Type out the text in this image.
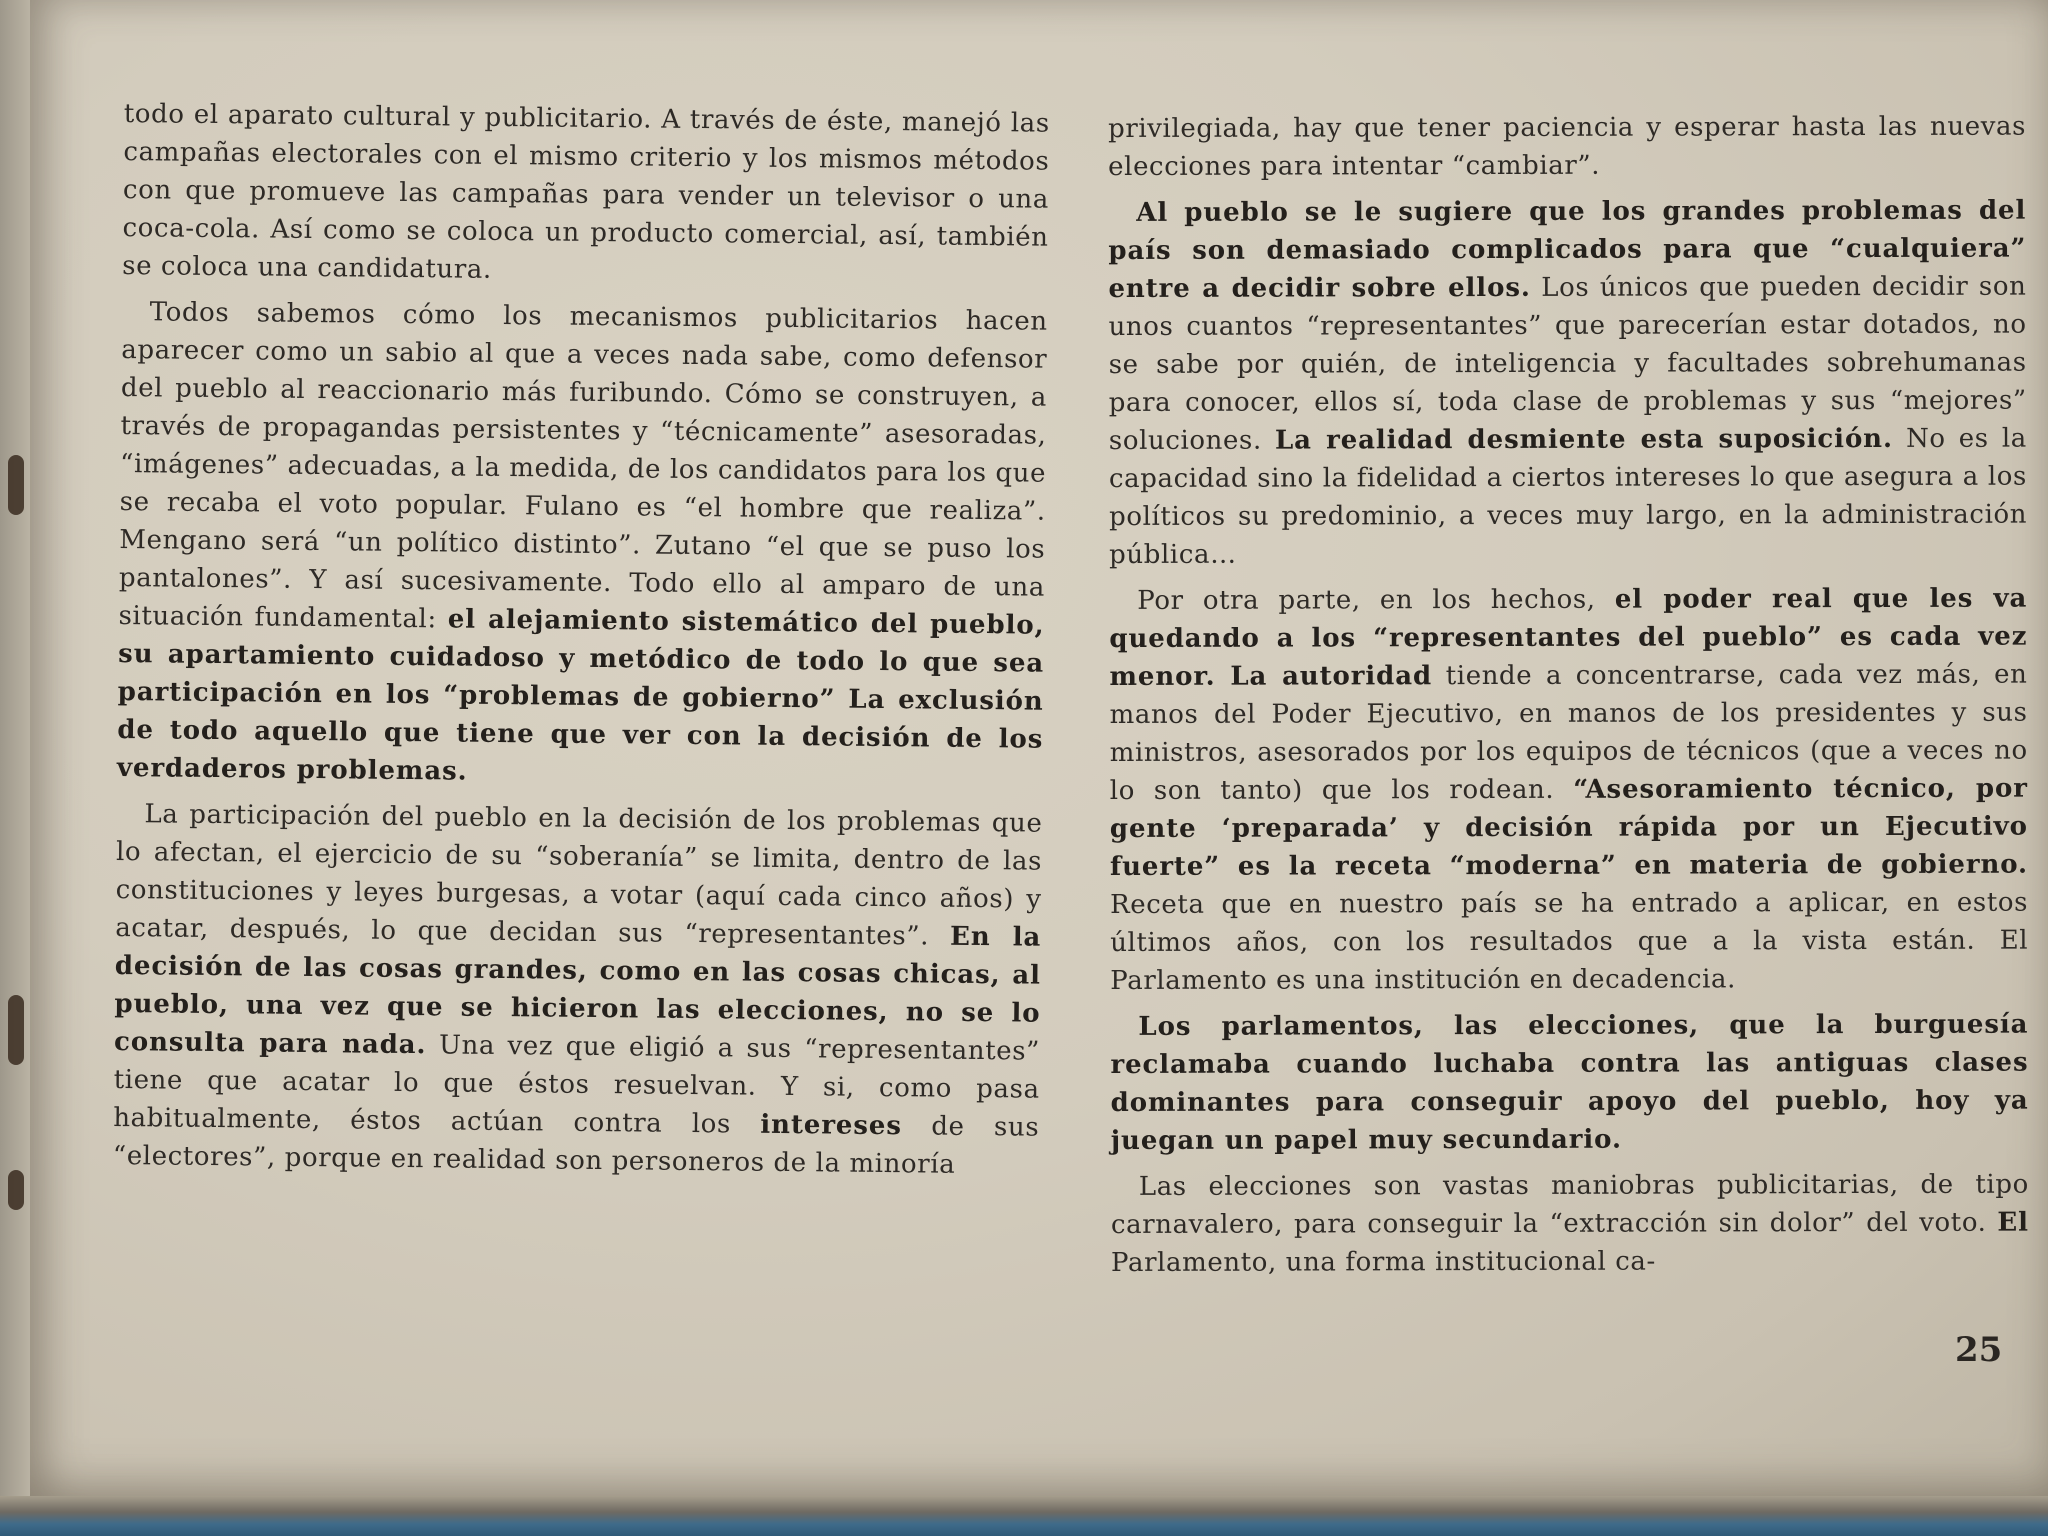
todo el aparato cultural y publicitario. A través de éste, manejó las campañas electorales con el mismo criterio y los mismos métodos con que promueve las campañas para vender un televisor o una coca-cola. Así como se coloca un producto comercial, así, también se coloca una candidatura.

Todos sabemos cómo los mecanismos publicitarios hacen aparecer como un sabio al que a veces nada sabe, como defensor del pueblo al reaccionario más furibundo. Cómo se construyen, a través de propagandas persistentes y “técnicamente” asesoradas, “imágenes” adecuadas, a la medida, de los candidatos para los que se recaba el voto popular. Fulano es “el hombre que realiza”. Mengano será “un político distinto”. Zutano “el que se puso los pantalones”. Y así sucesivamente. Todo ello al amparo de una situación fundamental: el alejamiento sistemático del pueblo, su apartamiento cuidadoso y metódico de todo lo que sea participación en los “problemas de gobierno” La exclusión de todo aquello que tiene que ver con la decisión de los verdaderos problemas.

La participación del pueblo en la decisión de los problemas que lo afectan, el ejercicio de su “soberanía” se limita, dentro de las constituciones y leyes burgesas, a votar (aquí cada cinco años) y acatar, después, lo que decidan sus “representantes”. En la decisión de las cosas grandes, como en las cosas chicas, al pueblo, una vez que se hicieron las elecciones, no se lo consulta para nada. Una vez que eligió a sus “representantes” tiene que acatar lo que éstos resuelvan. Y si, como pasa habitualmente, éstos actúan contra los intereses de sus “electores”, porque en realidad son personeros de la minoría

privilegiada, hay que tener paciencia y esperar hasta las nuevas elecciones para intentar “cambiar”.

Al pueblo se le sugiere que los grandes problemas del país son demasiado complicados para que “cualquiera” entre a decidir sobre ellos. Los únicos que pueden decidir son unos cuantos “representantes” que parecerían estar dotados, no se sabe por quién, de inteligencia y facultades sobrehumanas para conocer, ellos sí, toda clase de problemas y sus “mejores” soluciones. La realidad desmiente esta suposición. No es la capacidad sino la fidelidad a ciertos intereses lo que asegura a los políticos su predominio, a veces muy largo, en la administración pública…

Por otra parte, en los hechos, el poder real que les va quedando a los “representantes del pueblo” es cada vez menor. La autoridad tiende a concentrarse, cada vez más, en manos del Poder Ejecutivo, en manos de los presidentes y sus ministros, asesorados por los equipos de técnicos (que a veces no lo son tanto) que los rodean. “Asesoramiento técnico, por gente ‘preparada’ y decisión rápida por un Ejecutivo fuerte” es la receta “moderna” en materia de gobierno. Receta que en nuestro país se ha entrado a aplicar, en estos últimos años, con los resultados que a la vista están. El Parlamento es una institución en decadencia.

Los parlamentos, las elecciones, que la burguesía reclamaba cuando luchaba contra las antiguas clases dominantes para conseguir apoyo del pueblo, hoy ya juegan un papel muy secundario.

Las elecciones son vastas maniobras publicitarias, de tipo carnavalero, para conseguir la “extracción sin dolor” del voto. El Parlamento, una forma institucional ca-

25
